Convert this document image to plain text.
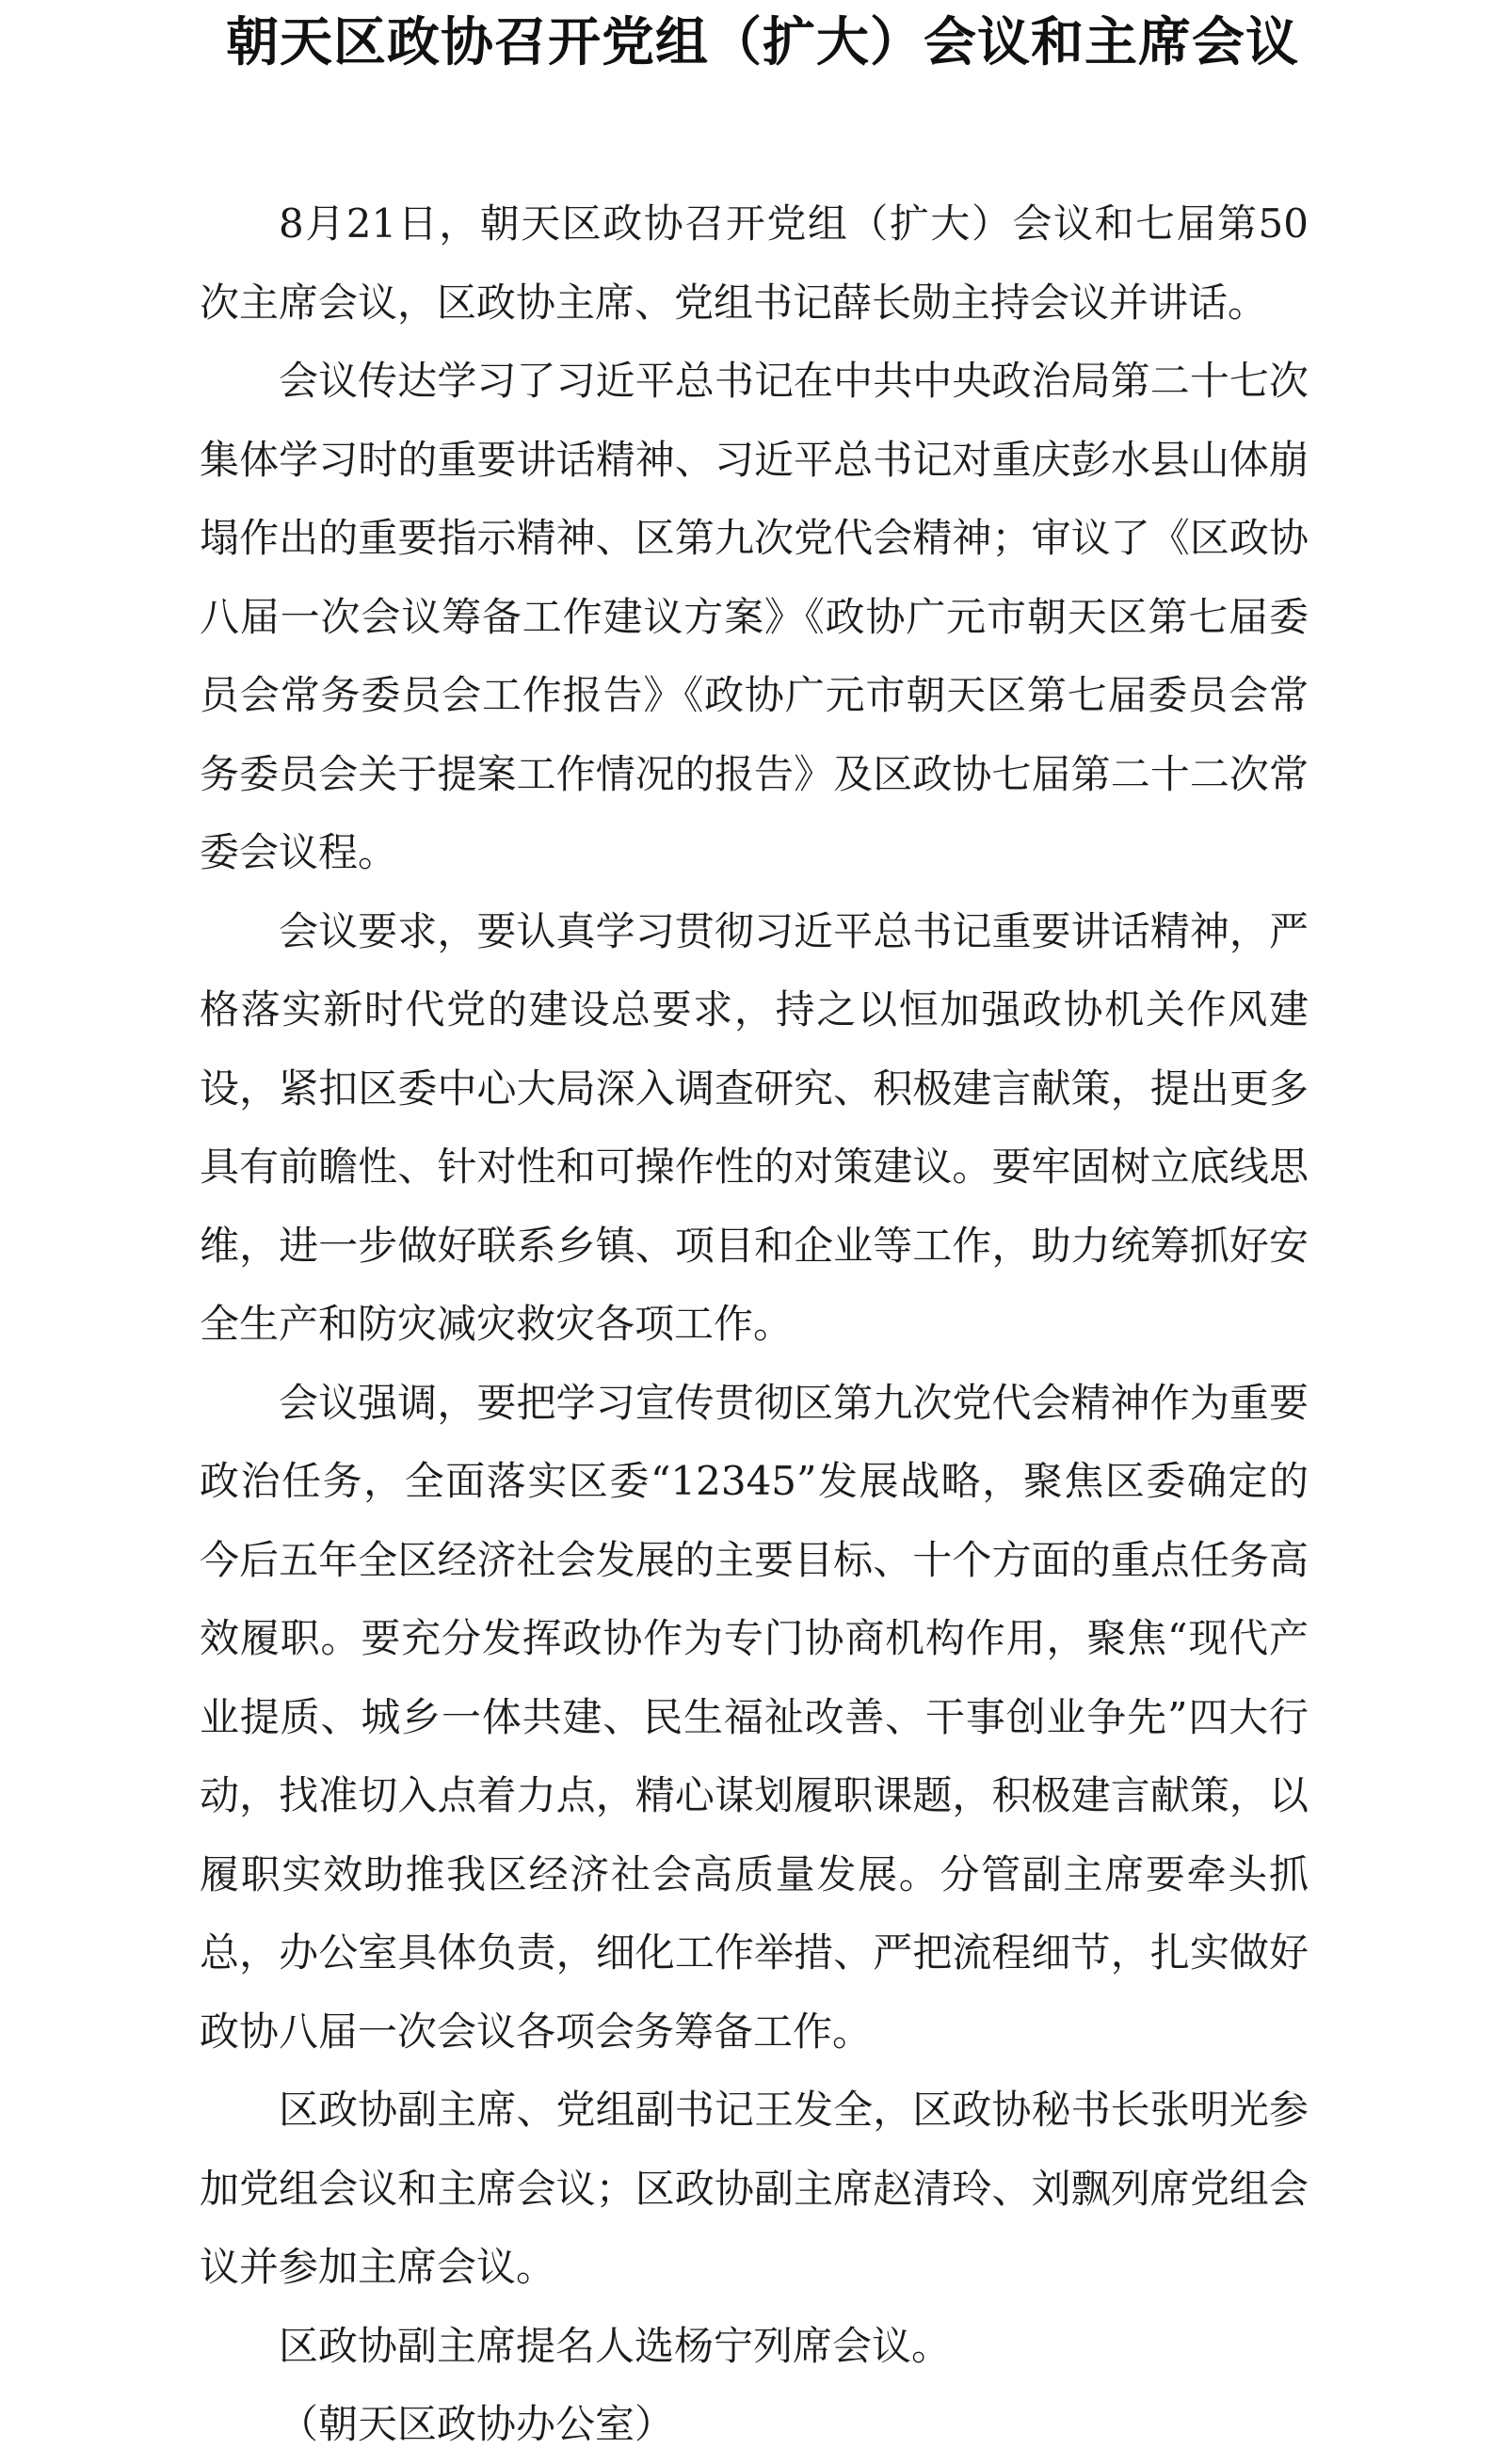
朝天区政协召开党组（扩大）会议和主席会议

8月21日，朝天区政协召开党组（扩大）会议和七届第50次主席会议，区政协主席、党组书记薛长勋主持会议并讲话。

会议传达学习了习近平总书记在中共中央政治局第二十七次集体学习时的重要讲话精神、习近平总书记对重庆彭水县山体崩塌作出的重要指示精神、区第九次党代会精神；审议了《区政协八届一次会议筹备工作建议方案》《政协广元市朝天区第七届委员会常务委员会工作报告》《政协广元市朝天区第七届委员会常务委员会关于提案工作情况的报告》及区政协七届第二十二次常委会议程。

会议要求，要认真学习贯彻习近平总书记重要讲话精神，严格落实新时代党的建设总要求，持之以恒加强政协机关作风建设，紧扣区委中心大局深入调查研究、积极建言献策，提出更多具有前瞻性、针对性和可操作性的对策建议。要牢固树立底线思维，进一步做好联系乡镇、项目和企业等工作，助力统筹抓好安全生产和防灾减灾救灾各项工作。

会议强调，要把学习宣传贯彻区第九次党代会精神作为重要政治任务，全面落实区委“12345”发展战略，聚焦区委确定的今后五年全区经济社会发展的主要目标、十个方面的重点任务高效履职。要充分发挥政协作为专门协商机构作用，聚焦“现代产业提质、城乡一体共建、民生福祉改善、干事创业争先”四大行动，找准切入点着力点，精心谋划履职课题，积极建言献策，以履职实效助推我区经济社会高质量发展。分管副主席要牵头抓总，办公室具体负责，细化工作举措、严把流程细节，扎实做好政协八届一次会议各项会务筹备工作。

区政协副主席、党组副书记王发全，区政协秘书长张明光参加党组会议和主席会议；区政协副主席赵清玲、刘飘列席党组会议并参加主席会议。

区政协副主席提名人选杨宁列席会议。

（朝天区政协办公室）
